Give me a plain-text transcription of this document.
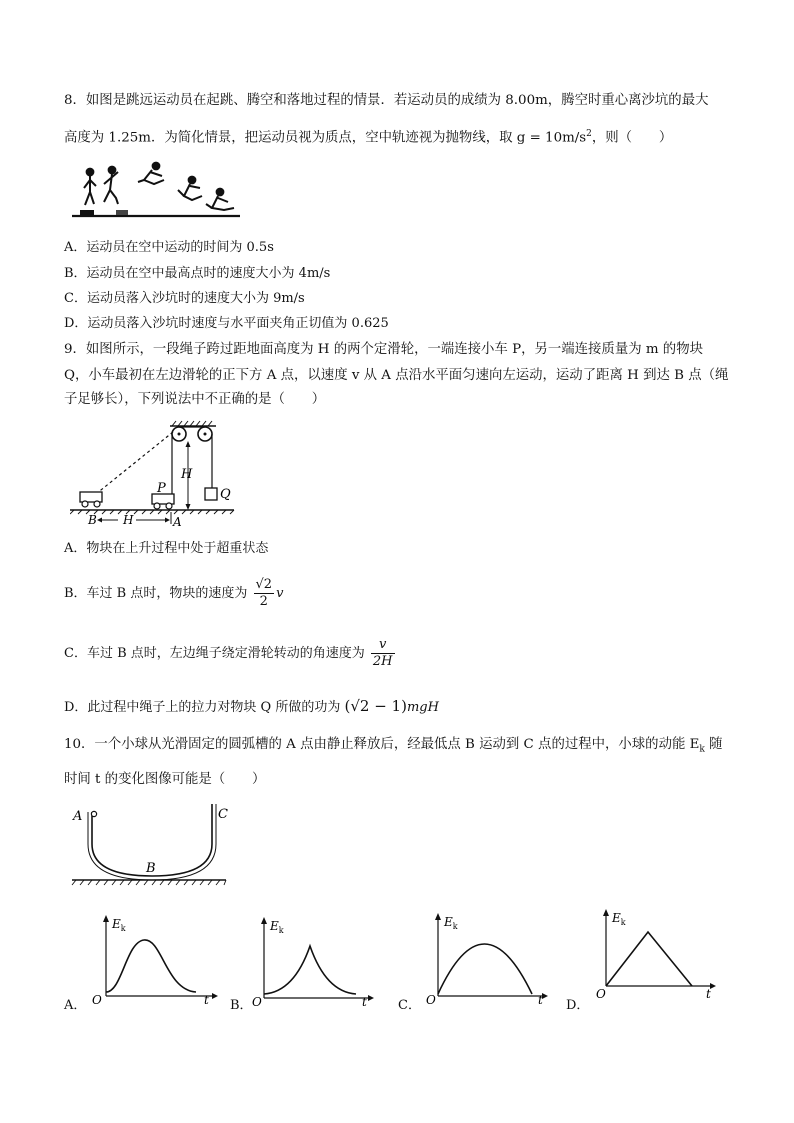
8．如图是跳远运动员在起跳、腾空和落地过程的情景．若运动员的成绩为 8.00m，腾空时重心离沙坑的最大
高度为 1.25m．为简化情景，把运动员视为质点，空中轨迹视为抛物线，取 $g = 10m/s^2$，则（　　）
A．运动员在空中运动的时间为 0.5s
B．运动员在空中最高点时的速度大小为 4m/s
C．运动员落入沙坑时的速度大小为 9m/s
D．运动员落入沙坑时速度与水平面夹角正切值为 0.625
9．如图所示，一段绳子跨过距地面高度为 H 的两个定滑轮，一端连接小车 P，另一端连接质量为 m 的物块
Q，小车最初在左边滑轮的正下方 A 点，以速度 v 从 A 点沿水平面匀速向左运动，运动了距离 H 到达 B 点（绳
子足够长），下列说法中不正确的是（　　）
H
Q
P
B H	A
A．物块在上升过程中处于超重状态
B．车过 B 点时，物块的速度为 $\frac{√2}{2}$ v
C．车过 B 点时，左边绳子绕定滑轮转动的角速度为 $\frac{v}{2H}$
D．此过程中绳子上的拉力对物块 Q 所做的功为 (√2 − 1)mgH
10．一个小球从光滑固定的圆弧槽的 A 点由静止释放后，经最低点 B 运动到 C 点的过程中，小球的动能 $E_k$ 随
时间 t 的变化图像可能是（　　）
A
B
C
$E_k$
O	t
A．
$E_k$
O	t
B．
$E_k$
O	t
C．
$E_k$
O	t
D．
